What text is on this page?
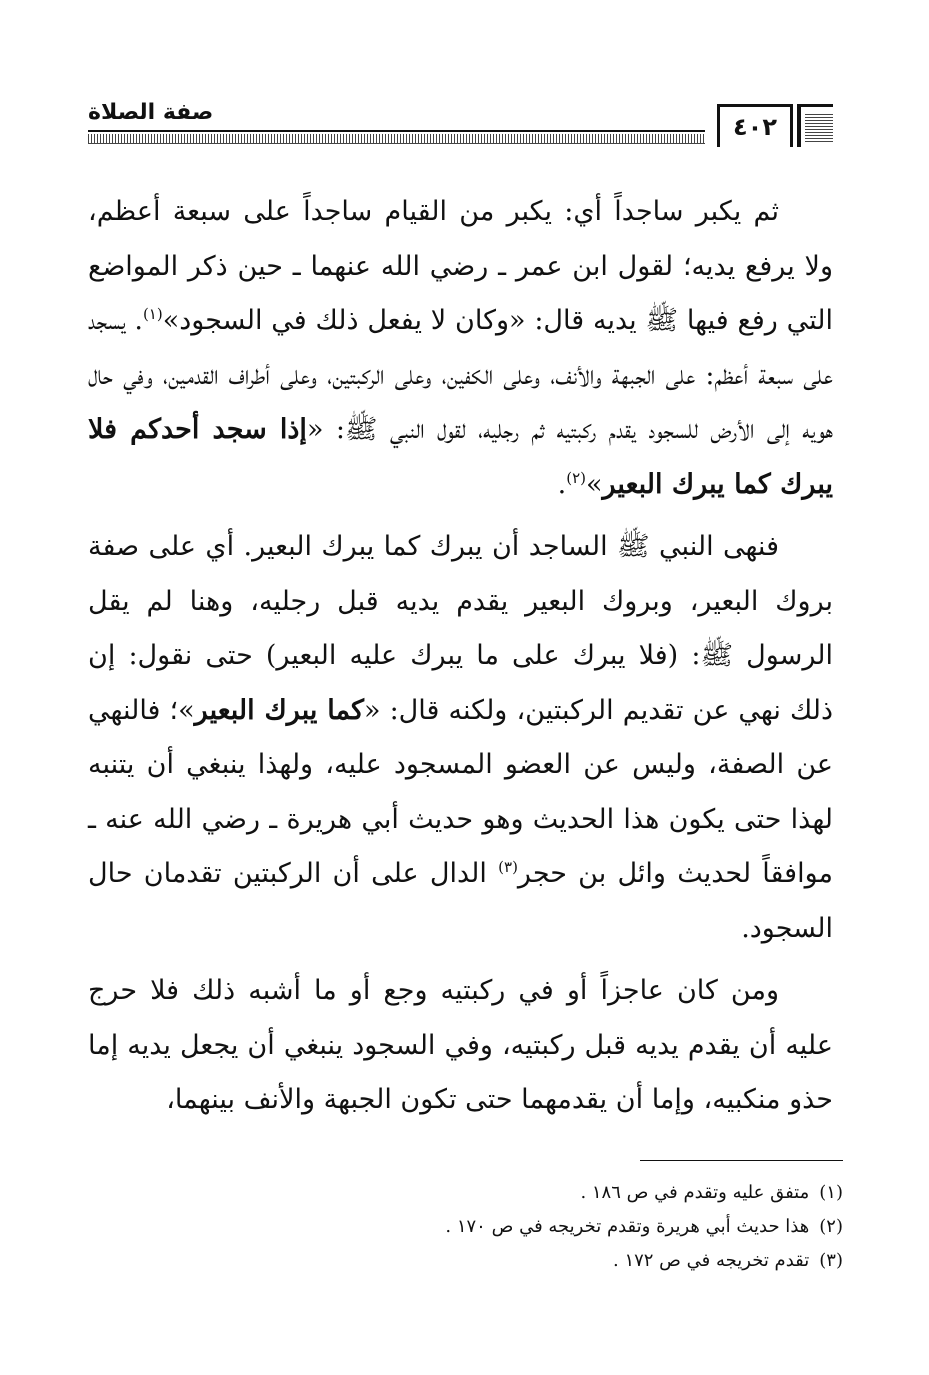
صفة الصلاة
٤٠٢

ثم يكبر ساجداً أي: يكبر من القيام ساجداً على سبعة أعظم، ولا يرفع يديه؛ لقول ابن عمر ـ رضي الله عنهما ـ حين ذكر المواضع التي رفع فيها ﷺ يديه قال: «وكان لا يفعل ذلك في السجود»$^{(١)}$. يسجد على سبعة أعظم: على الجبهة والأنف، وعلى الكفين، وعلى الركبتين، وعلى أطراف القدمين، وفي حال هويه إلى الأرض للسجود يقدم ركبتيه ثم رجليه، لقول النبي ﷺ: «إذا سجد أحدكم فلا يبرك كما يبرك البعير»$^{(٢)}$.

فنهى النبي ﷺ الساجد أن يبرك كما يبرك البعير. أي على صفة بروك البعير، وبروك البعير يقدم يديه قبل رجليه، وهنا لم يقل الرسول ﷺ: (فلا يبرك على ما يبرك عليه البعير) حتى نقول: إن ذلك نهي عن تقديم الركبتين، ولكنه قال: «كما يبرك البعير»؛ فالنهي عن الصفة، وليس عن العضو المسجود عليه، ولهذا ينبغي أن يتنبه لهذا حتى يكون هذا الحديث وهو حديث أبي هريرة ـ رضي الله عنه ـ موافقاً لحديث وائل بن حجر$^{(٣)}$ الدال على أن الركبتين تقدمان حال السجود.

ومن كان عاجزاً أو في ركبتيه وجع أو ما أشبه ذلك فلا حرج عليه أن يقدم يديه قبل ركبتيه، وفي السجود ينبغي أن يجعل يديه إما حذو منكبيه، وإما أن يقدمهما حتى تكون الجبهة والأنف بينهما،

(١)متفق عليه وتقدم في ص ١٨٦ .

(٢)هذا حديث أبي هريرة وتقدم تخريجه في ص ١٧٠ .

(٣)تقدم تخريجه في ص ١٧٢ .
